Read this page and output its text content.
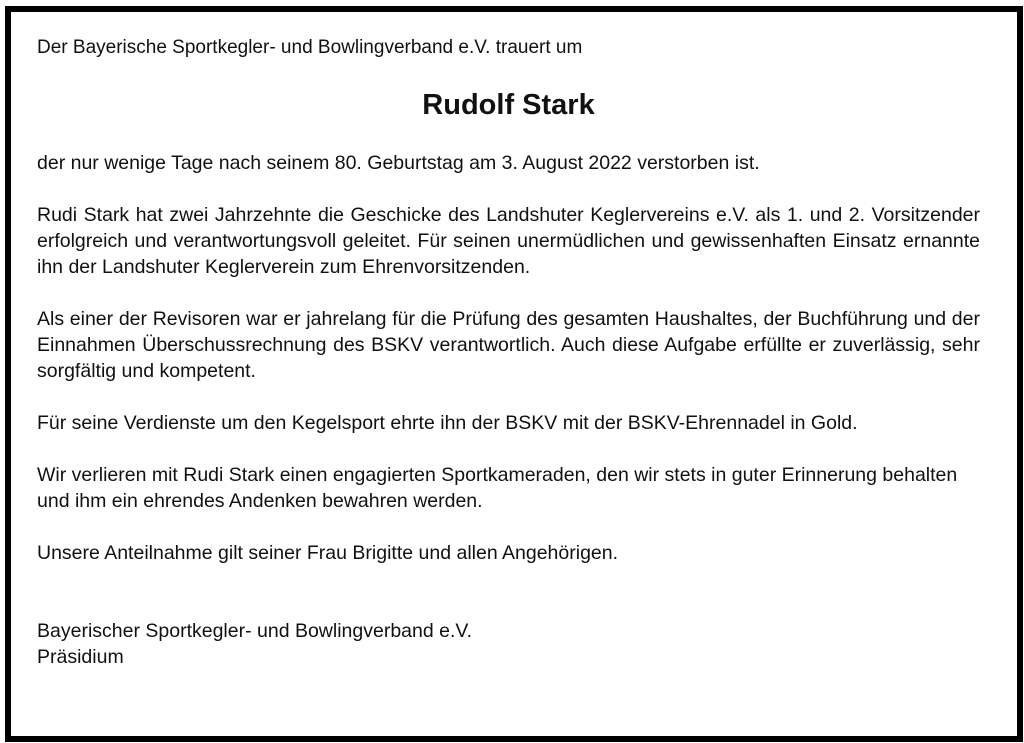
Der Bayerische Sportkegler- und Bowlingverband e.V. trauert um

Rudolf Stark

der nur wenige Tage nach seinem 80. Geburtstag am 3. August 2022 verstorben ist.

Rudi Stark hat zwei Jahrzehnte die Geschicke des Landshuter Keglervereins e.V. als 1. und 2. Vorsitzender erfolgreich und verantwortungsvoll geleitet. Für seinen unermüdlichen und gewissenhaften Einsatz ernannte ihn der Landshuter Keglerverein zum Ehrenvorsitzenden.

Als einer der Revisoren war er jahrelang für die Prüfung des gesamten Haushaltes, der Buchführung und der Einnahmen Überschussrechnung des BSKV verantwortlich. Auch diese Aufgabe erfüllte er zuverlässig, sehr sorgfältig und kompetent.

Für seine Verdienste um den Kegelsport ehrte ihn der BSKV mit der BSKV-Ehrennadel in Gold.

Wir verlieren mit Rudi Stark einen engagierten Sportkameraden, den wir stets in guter Erinnerung behalten und ihm ein ehrendes Andenken bewahren werden.

Unsere Anteilnahme gilt seiner Frau Brigitte und allen Angehörigen.

Bayerischer Sportkegler- und Bowlingverband e.V.
Präsidium
